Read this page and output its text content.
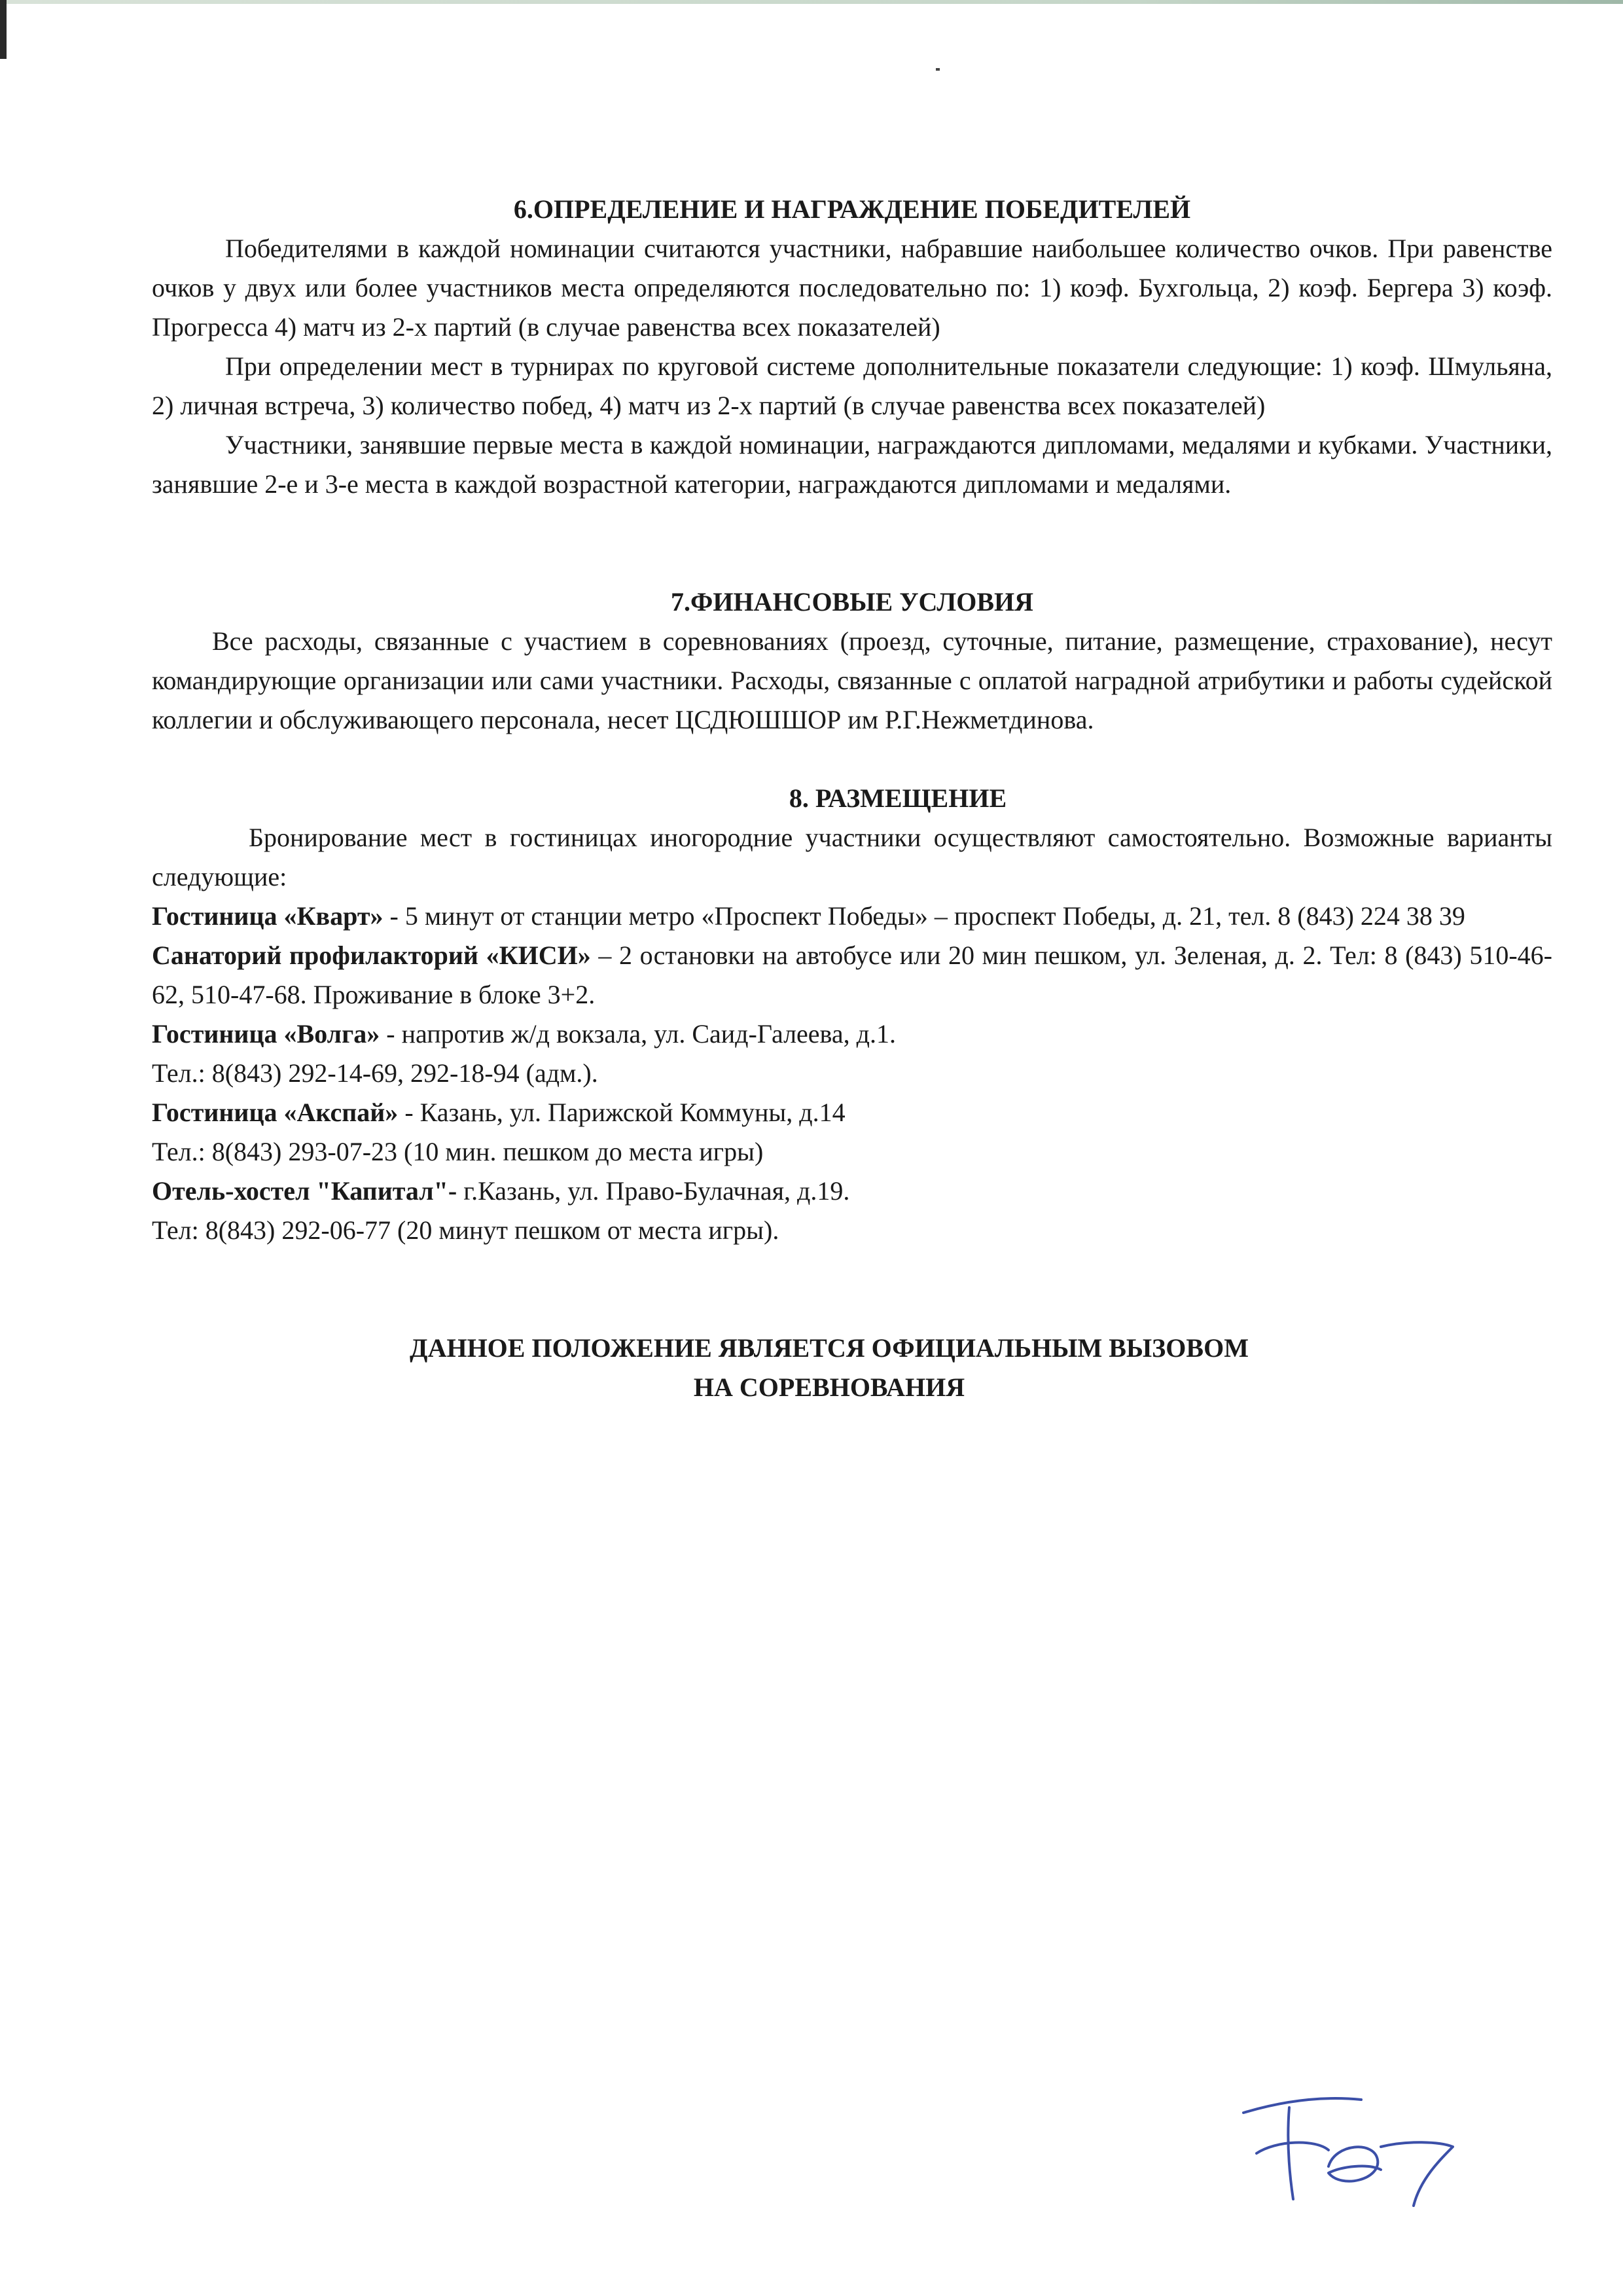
6.ОПРЕДЕЛЕНИЕ И НАГРАЖДЕНИЕ ПОБЕДИТЕЛЕЙ

Победителями в каждой номинации считаются участники, набравшие наибольшее количество очков. При равенстве очков у двух или более участников места определяются последовательно по: 1) коэф. Бухгольца, 2) коэф. Бергера 3) коэф. Прогресса 4) матч из 2-х партий (в случае равенства всех показателей)

При определении мест в турнирах по круговой системе дополнительные показатели следующие: 1) коэф. Шмульяна, 2) личная встреча, 3) количество побед, 4) матч из 2-х партий (в случае равенства всех показателей)

Участники, занявшие первые места в каждой номинации, награждаются дипломами, медалями и кубками. Участники, занявшие 2-е и 3-е места в каждой возрастной категории, награждаются дипломами и медалями.

7.ФИНАНСОВЫЕ УСЛОВИЯ

Все расходы, связанные с участием в соревнованиях (проезд, суточные, питание, размещение, страхование), несут командирующие организации или сами участники. Расходы, связанные с оплатой наградной атрибутики и работы судейской коллегии и обслуживающего персонала, несет ЦСДЮШШОР им Р.Г.Нежметдинова.

8. РАЗМЕЩЕНИЕ

Бронирование мест в гостиницах иногородние участники осуществляют самостоятельно. Возможные варианты следующие:

Гостиница «Кварт» - 5 минут от станции метро «Проспект Победы» – проспект Победы, д. 21, тел. 8 (843) 224 38 39

Санаторий профилакторий «КИСИ» – 2 остановки на автобусе или 20 мин пешком, ул. Зеленая, д. 2. Тел: 8 (843) 510-46-62, 510-47-68. Проживание в блоке 3+2.

Гостиница «Волга» - напротив ж/д вокзала, ул. Саид-Галеева, д.1.

Тел.: 8(843) 292-14-69, 292-18-94 (адм.).

Гостиница «Акспай» - Казань, ул. Парижской Коммуны, д.14

Тел.: 8(843) 293-07-23 (10 мин. пешком до места игры)

Отель-хостел "Капитал"- г.Казань, ул. Право-Булачная, д.19.

Тел: 8(843) 292-06-77 (20 минут пешком от места игры).

ДАННОЕ ПОЛОЖЕНИЕ ЯВЛЯЕТСЯ ОФИЦИАЛЬНЫМ ВЫЗОВОМ

НА СОРЕВНОВАНИЯ
